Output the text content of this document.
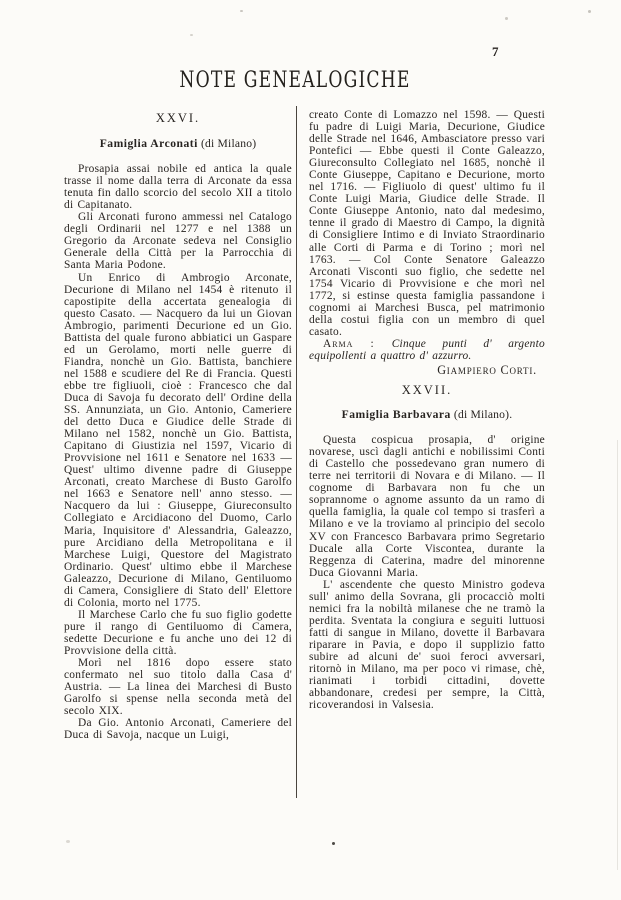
7
NOTE GENEALOGICHE
XXVI.
Famiglia Arconati (di Milano)

Prosapia assai nobile ed antica la quale trasse il nome dalla terra di Arconate da essa tenuta fin dallo scorcio del secolo XII a titolo di Capitanato.

Gli Arconati furono ammessi nel Catalogo degli Ordinarii nel 1277 e nel 1388 un Gregorio da Arconate sedeva nel Consiglio Generale della Città per la Parrocchia di Santa Maria Podone.

Un Enrico di Ambrogio Arconate, Decurione di Milano nel 1454 è ritenuto il capostipite della accertata genealogia di questo Casato. — Nacquero da lui un Giovan Ambrogio, parimenti Decurione ed un Gio. Battista del quale furono abbiatici un Gaspare ed un Gerolamo, morti nelle guerre di Fiandra, nonchè un Gio. Battista, banchiere nel 1588 e scudiere del Re di Francia. Questi ebbe tre figliuoli, cioè : Francesco che dal Duca di Savoja fu decorato dell' Ordine della SS. Annunziata, un Gio. Antonio, Cameriere del detto Duca e Giudice delle Strade di Milano nel 1582, nonchè un Gio. Battista, Capitano di Giustizia nel 1597, Vicario di Provvisione nel 1611 e Senatore nel 1633 — Quest' ultimo divenne padre di Giuseppe Arconati, creato Marchese di Busto Garolfo nel 1663 e Senatore nell' anno stesso. — Nacquero da lui : Giuseppe, Giureconsulto Collegiato e Arcidiacono del Duomo, Carlo Maria, Inquisitore d' Alessandria, Galeazzo, pure Arcidiano della Metropolitana e il Marchese Luigi, Questore del Magistrato Ordinario. Quest' ultimo ebbe il Marchese Galeazzo, Decurione di Milano, Gentiluomo di Camera, Consigliere di Stato dell' Elettore di Colonia, morto nel 1775.

Il Marchese Carlo che fu suo figlio godette pure il rango di Gentiluomo di Camera, sedette Decurione e fu anche uno dei 12 di Provvisione della città.

Morì nel 1816 dopo essere stato confermato nel suo titolo dalla Casa d' Austria. — La linea dei Marchesi di Busto Garolfo si spense nella seconda metà del secolo XIX.

Da Gio. Antonio Arconati, Cameriere del Duca di Savoja, nacque un Luigi,

creato Conte di Lomazzo nel 1598. — Questi fu padre di Luigi Maria, Decurione, Giudice delle Strade nel 1646, Ambasciatore presso vari Pontefici — Ebbe questi il Conte Galeazzo, Giureconsulto Collegiato nel 1685, nonchè il Conte Giuseppe, Capitano e Decurione, morto nel 1716. — Figliuolo di quest' ultimo fu il Conte Luigi Maria, Giudice delle Strade. Il Conte Giuseppe Antonio, nato dal medesimo, tenne il grado di Maestro di Campo, la dignità di Consigliere Intimo e di Inviato Straordinario alle Corti di Parma e di Torino ; morì nel 1763. — Col Conte Senatore Galeazzo Arconati Visconti suo figlio, che sedette nel 1754 Vicario di Provvisione e che morì nel 1772, si estinse questa famiglia passandone i cognomi ai Marchesi Busca, pel matrimonio della costui figlia con un membro di quel casato.

Arma : Cinque punti d' argento equipollenti a quattro d' azzurro.

Giampiero Corti.
XXVII.
Famiglia Barbavara (di Milano).

Questa cospicua prosapia, d' origine novarese, uscì dagli antichi e nobilissimi Conti di Castello che possedevano gran numero di terre nei territorii di Novara e di Milano. — Il cognome di Barbavara non fu che un soprannome o agnome assunto da un ramo di quella famiglia, la quale col tempo si trasferì a Milano e ve la troviamo al principio del secolo XV con Francesco Barbavara primo Segretario Ducale alla Corte Viscontea, durante la Reggenza di Caterina, madre del minorenne Duca Giovanni Maria.

L' ascendente che questo Ministro godeva sull' animo della Sovrana, gli procacciò molti nemici fra la nobiltà milanese che ne tramò la perdita. Sventata la congiura e seguiti luttuosi fatti di sangue in Milano, dovette il Barbavara riparare in Pavia, e dopo il supplizio fatto subire ad alcuni de' suoi feroci avversari, ritornò in Milano, ma per poco vi rimase, chè, rianimati i torbidi cittadini, dovette abbandonare, credesi per sempre, la Città, ricoverandosi in Valsesia.
